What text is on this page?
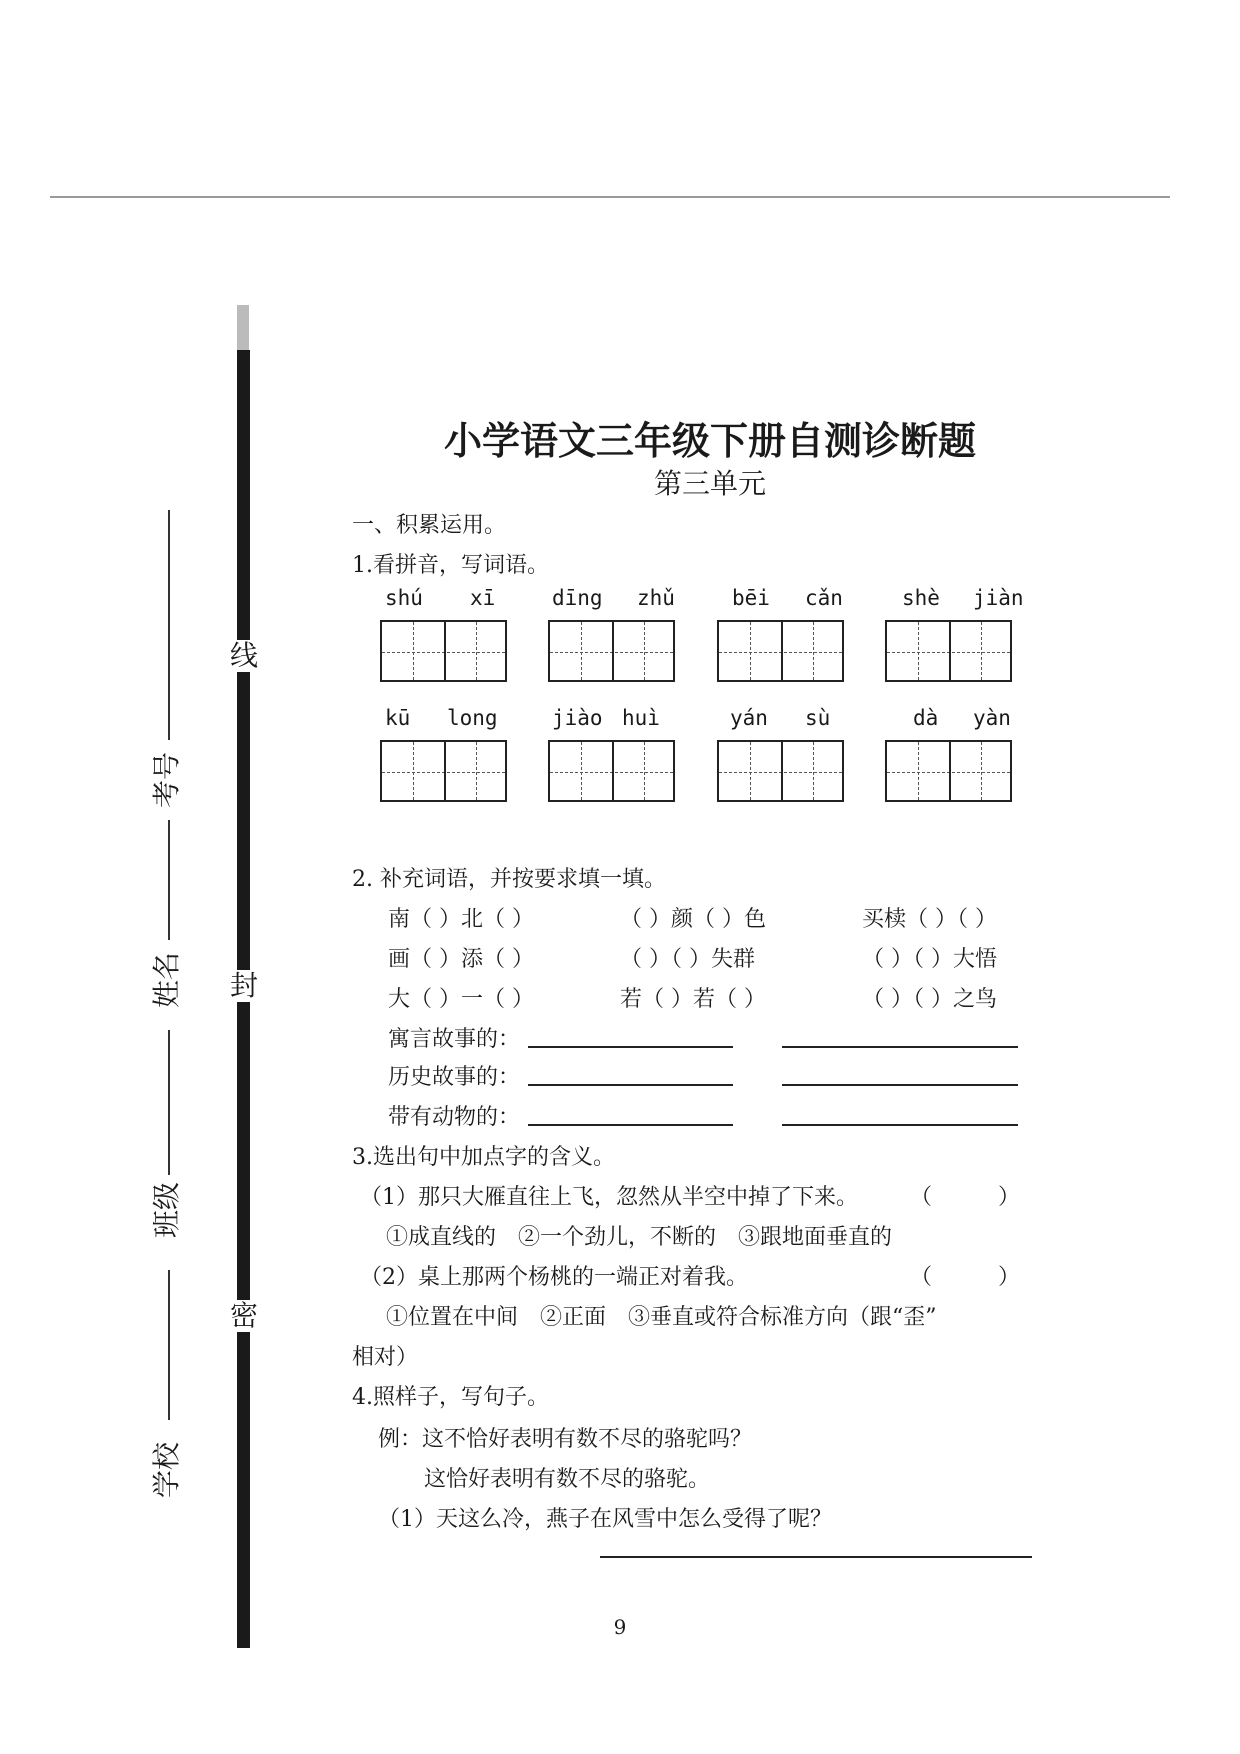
线
封
密
考号
姓名
班级
学校
小学语文三年级下册自测诊断题
第三单元
一、积累运用。
1.看拼音，写词语。
shú xī	dīng zhǔ	bēi cǎn	shè jiàn
kū long	jiào huì	yán sù	dà yàn
2. 补充词语，并按要求填一填。
南（ ）北（ ）	（ ）颜（ ）色	买椟（ ）（ ）
画（ ）添（ ）	（ ）（ ）失群	（ ）（ ）大悟
大（ ）一（ ）	若（ ）若（ ）	（ ）（ ）之鸟
寓言故事的：
历史故事的：
带有动物的：
3.选出句中加点字的含义。
（1）那只大雁直往上飞，忽然从半空中掉了下来。 （　　　）
①成直线的　②一个劲儿，不断的　③跟地面垂直的
（2）桌上那两个杨桃的一端正对着我。	（　　　）
①位置在中间　②正面　③垂直或符合标准方向（跟“歪”
相对）
4.照样子，写句子。
例：这不恰好表明有数不尽的骆驼吗？
这恰好表明有数不尽的骆驼。
（1）天这么冷，燕子在风雪中怎么受得了呢？
9
